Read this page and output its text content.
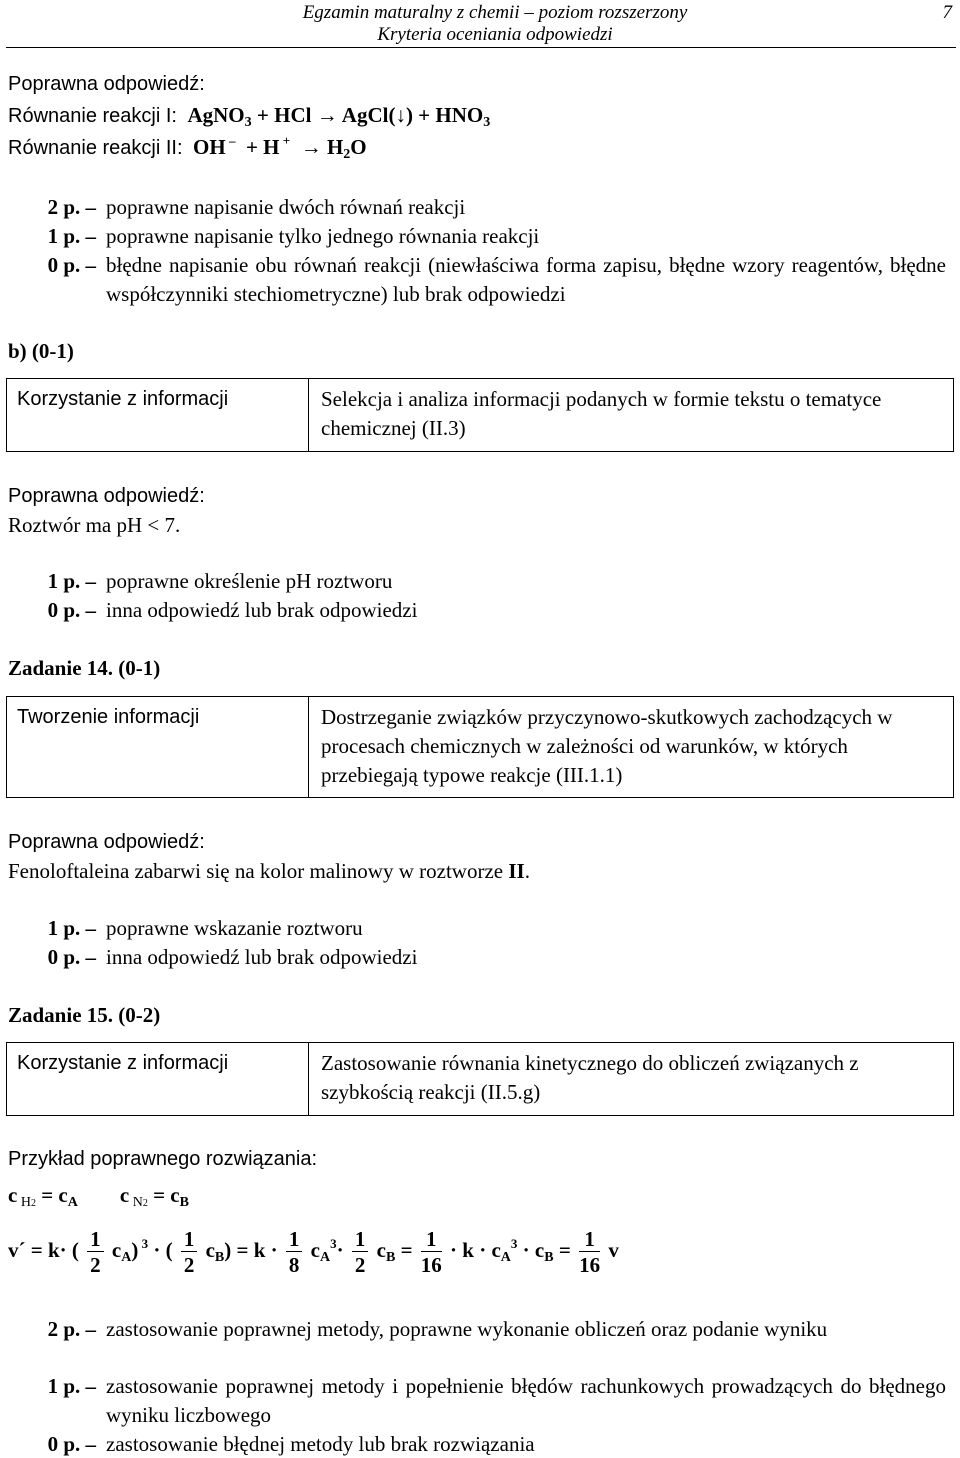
Egzamin maturalny z chemii – poziom rozszerzony
Kryteria oceniania odpowiedzi
7
Poprawna odpowiedź:
Równanie reakcji I:  AgNO$_3$ + HCl → AgCl(↓) + $HNO_3$
Równanie reakcji II:  OH –  + H $^+ \to H_2O$
2 p. – poprawne napisanie dwóch równań reakcji
1 p. – poprawne napisanie tylko jednego równania reakcji
0 p. – błędne napisanie obu równań reakcji (niewłaściwa forma zapisu, błędne wzory reagentów, błędne współczynniki stechiometryczne) lub brak odpowiedzi
b) (0-1)
Korzystanie z informacji	Selekcja i analiza informacji podanych w formie tekstu o tematyce chemicznej (II.3)
Poprawna odpowiedź:
Roztwór ma pH < 7.
1 p. – poprawne określenie pH roztworu
0 p. – inna odpowiedź lub brak odpowiedzi
Zadanie 14. (0-1)
Tworzenie informacji	Dostrzeganie związków przyczynowo-skutkowych zachodzących w procesach chemicznych w zależności od warunków, w których przebiegają typowe reakcje (III.1.1)
Poprawna odpowiedź:
Fenoloftaleina zabarwi się na kolor malinowy w roztworze II.
1 p. – poprawne wskazanie roztworu
0 p. – inna odpowiedź lub brak odpowiedzi
Zadanie 15. (0-2)
Korzystanie z informacji	Zastosowanie równania kinetycznego do obliczeń związanych z szybkością reakcji (II.5.g)
Przykład poprawnego rozwiązania:
c $_{H2} = c_A$        c $_{N2} = c_B$
v´ = k· ( $\frac{1}{2} c_A$) $^3$ · ( $\frac{1}{2} c_B) = k \cdot \frac{1}{8} c_A^3\cdot \frac{1}{2} c_B = \frac{1}{16} \cdot k \cdot c_A^3 \cdot c_B = \frac{1}{16}$ v
2 p. – zastosowanie poprawnej metody, poprawne wykonanie obliczeń oraz podanie wyniku
1 p. – zastosowanie poprawnej metody i popełnienie błędów rachunkowych prowadzących do błędnego wyniku liczbowego
0 p. – zastosowanie błędnej metody lub brak rozwiązania
